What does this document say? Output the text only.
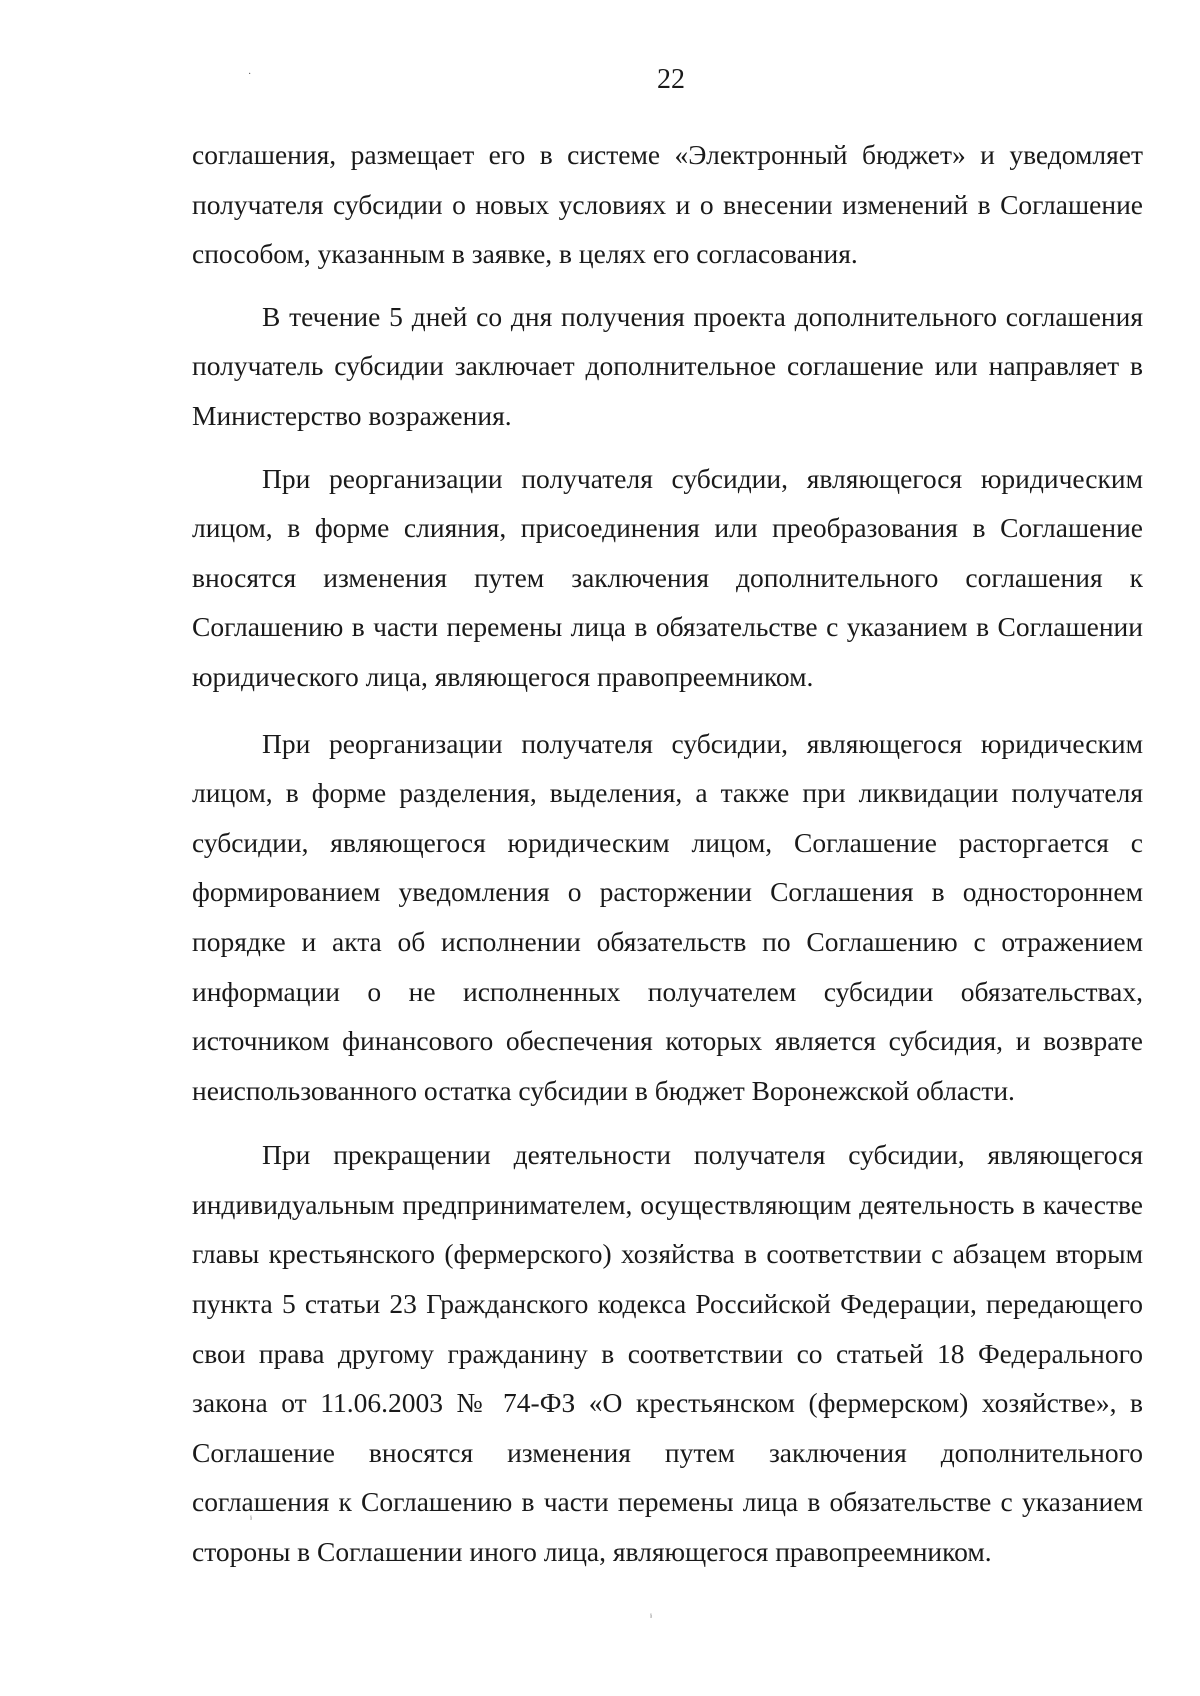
22

соглашения, размещает его в системе «Электронный бюджет» и уведомляет получателя субсидии о новых условиях и о внесении изменений в Соглашение способом, указанным в заявке, в целях его согласования.

В течение 5 дней со дня получения проекта дополнительного соглашения получатель субсидии заключает дополнительное соглашение или направляет в Министерство возражения.

При реорганизации получателя субсидии, являющегося юридическим лицом, в форме слияния, присоединения или преобразования в Соглашение вносятся изменения путем заключения дополнительного соглашения к Соглашению в части перемены лица в обязательстве с указанием в Соглашении юридического лица, являющегося правопреемником.

При реорганизации получателя субсидии, являющегося юридическим лицом, в форме разделения, выделения, а также при ликвидации получателя субсидии, являющегося юридическим лицом, Соглашение расторгается с формированием уведомления о расторжении Соглашения в одностороннем порядке и акта об исполнении обязательств по Соглашению с отражением информации о не исполненных получателем субсидии обязательствах, источником финансового обеспечения которых является субсидия, и возврате неиспользованного остатка субсидии в бюджет Воронежской области.

При прекращении деятельности получателя субсидии, являющегося индивидуальным предпринимателем, осуществляющим деятельность в качестве главы крестьянского (фермерского) хозяйства в соответствии с абзацем вторым пункта 5 статьи 23 Гражданского кодекса Российской Федерации, передающего свои права другому гражданину в соответствии со статьей 18 Федерального закона от 11.06.2003 № 74-ФЗ «О крестьянском (фермерском) хозяйстве», в Соглашение вносятся изменения путем заключения дополнительного соглашения к Соглашению в части перемены лица в обязательстве с указанием стороны в Соглашении иного лица, являющегося правопреемником.

·
ⁱ
ⁱ
